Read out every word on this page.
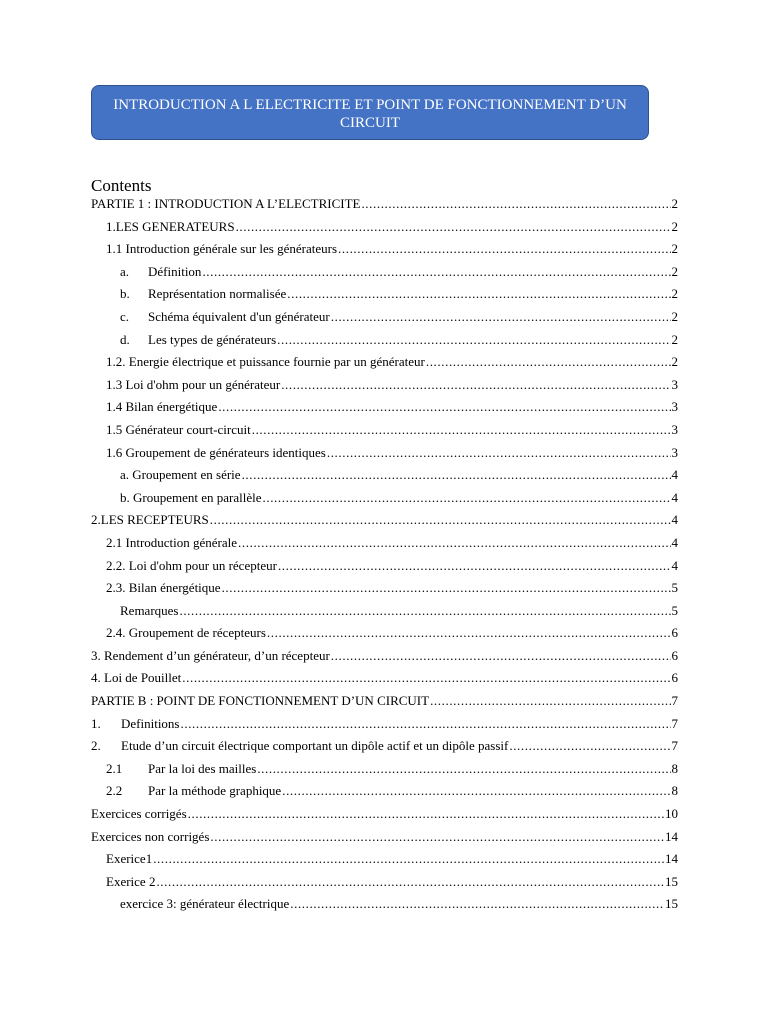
INTRODUCTION A L ELECTRICITE ET POINT DE FONCTIONNEMENT D’UN
CIRCUIT
Contents
PARTIE 1 : INTRODUCTION A L’ELECTRICITE .....	2
1.LES GENERATEURS .....	2
1.1 Introduction générale sur les générateurs .....	2
a. Définition .....	2
b. Représentation normalisée .....	2
c. Schéma équivalent d'un générateur .....	2
d. Les types de générateurs .....	2
1.2. Energie électrique et puissance fournie par un générateur .....	2
1.3 Loi d'ohm pour un générateur .....	3
1.4 Bilan énergétique .....	3
1.5 Générateur court-circuit .....	3
1.6 Groupement de générateurs identiques .....	3
a. Groupement en série .....	4
b. Groupement en parallèle .....	4
2.LES RECEPTEURS .....	4
2.1 Introduction générale .....	4
2.2. Loi d'ohm pour un récepteur .....	4
2.3. Bilan énergétique .....	5
Remarques .....	5
2.4. Groupement de récepteurs .....	6
3. Rendement d’un générateur, d’un récepteur .....	6
4. Loi de Pouillet .....	6
PARTIE B : POINT DE FONCTIONNEMENT D’UN CIRCUIT .....	7
1. Definitions .....	7
2. Etude d’un circuit électrique comportant un dipôle actif et un dipôle passif .....	7
2.1 Par la loi des mailles .....	8
2.2 Par la méthode graphique .....	8
Exercices corrigés .....	10
Exercices non corrigés .....	14
Exerice1 .....	14
Exerice 2 .....	15
exercice 3: générateur électrique .....	15
